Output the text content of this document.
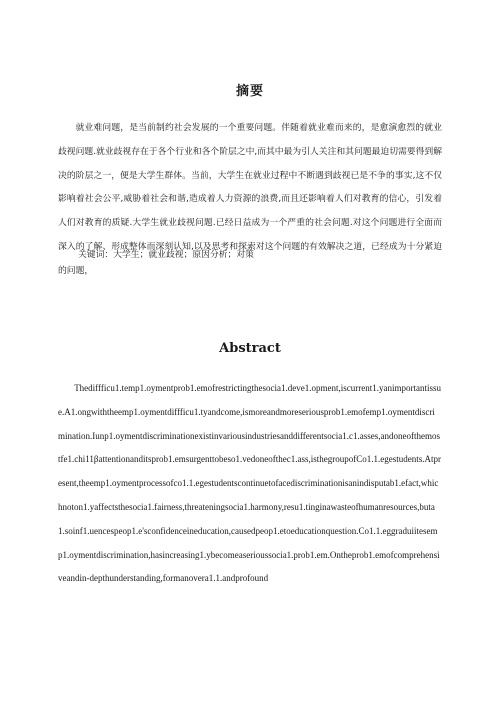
摘要

就业难问题，是当前制约社会发展的一个重要问题。伴随着就业难而来的，是愈演愈烈的就业歧视问题.就业歧视存在于各个行业和各个阶层之中,而其中最为引人关注和其问题最迫切需要得到解决的阶层之一，便是大学生群体。当前，大学生在就业过程中不断遇到歧视已是不争的事实,这不仅影响着社会公平,威胁着社会和谐,造成着人力资源的浪费,而且还影响着人们对教育的信心，引发着人们对教育的质疑.大学生就业歧视问题.已经日益成为一个严重的社会问题.对这个问题进行全面而深入的了解、形成整体而深刻认知,以及思考和探索对这个问题的有效解决之道，已经成为十分紧迫的问题，

关键词：大学生；就业歧视；原因分析；对策

Abstract

Thediffficu1.temp1.oymentprob1.emofrestrictingthesocia1.deve1.opment,iscurrent1.yanimportantissue.A1.ongwiththeemp1.oymentdiffficu1.tyandcome,ismoreandmoreseriousprob1.emofemp1.oymentdiscrimination.Iunp1.oymentdiscriminationexistinvariousindustriesanddifferentsocia1.c1.asses,andoneofthemostfe1.chi11βattentionanditsprob1.emsurgenttobeso1.vedoneofthec1.ass,isthegroupofCo1.1.egestudents.Atpresent,theemp1.oymentprocessofco1.1.egestudentscontinuetofacediscriminationisanindisputab1.efact,whichnoton1.yaffectsthesocia1.fairness,threateningsocia1.harmony,resu1.tinginawasteofhumanresources,buta1.soinf1.uencespeop1.e'sconfidenceineducation,causedpeop1.etoeducationquestion.Co1.1.eggraduiitesemp1.oymentdiscrimination,hasincreasing1.ybecomeaserioussocia1.prob1.em.Ontheprob1.emofcomprehensiveandin-depthunderstanding,formanovera1.1.andprofound
